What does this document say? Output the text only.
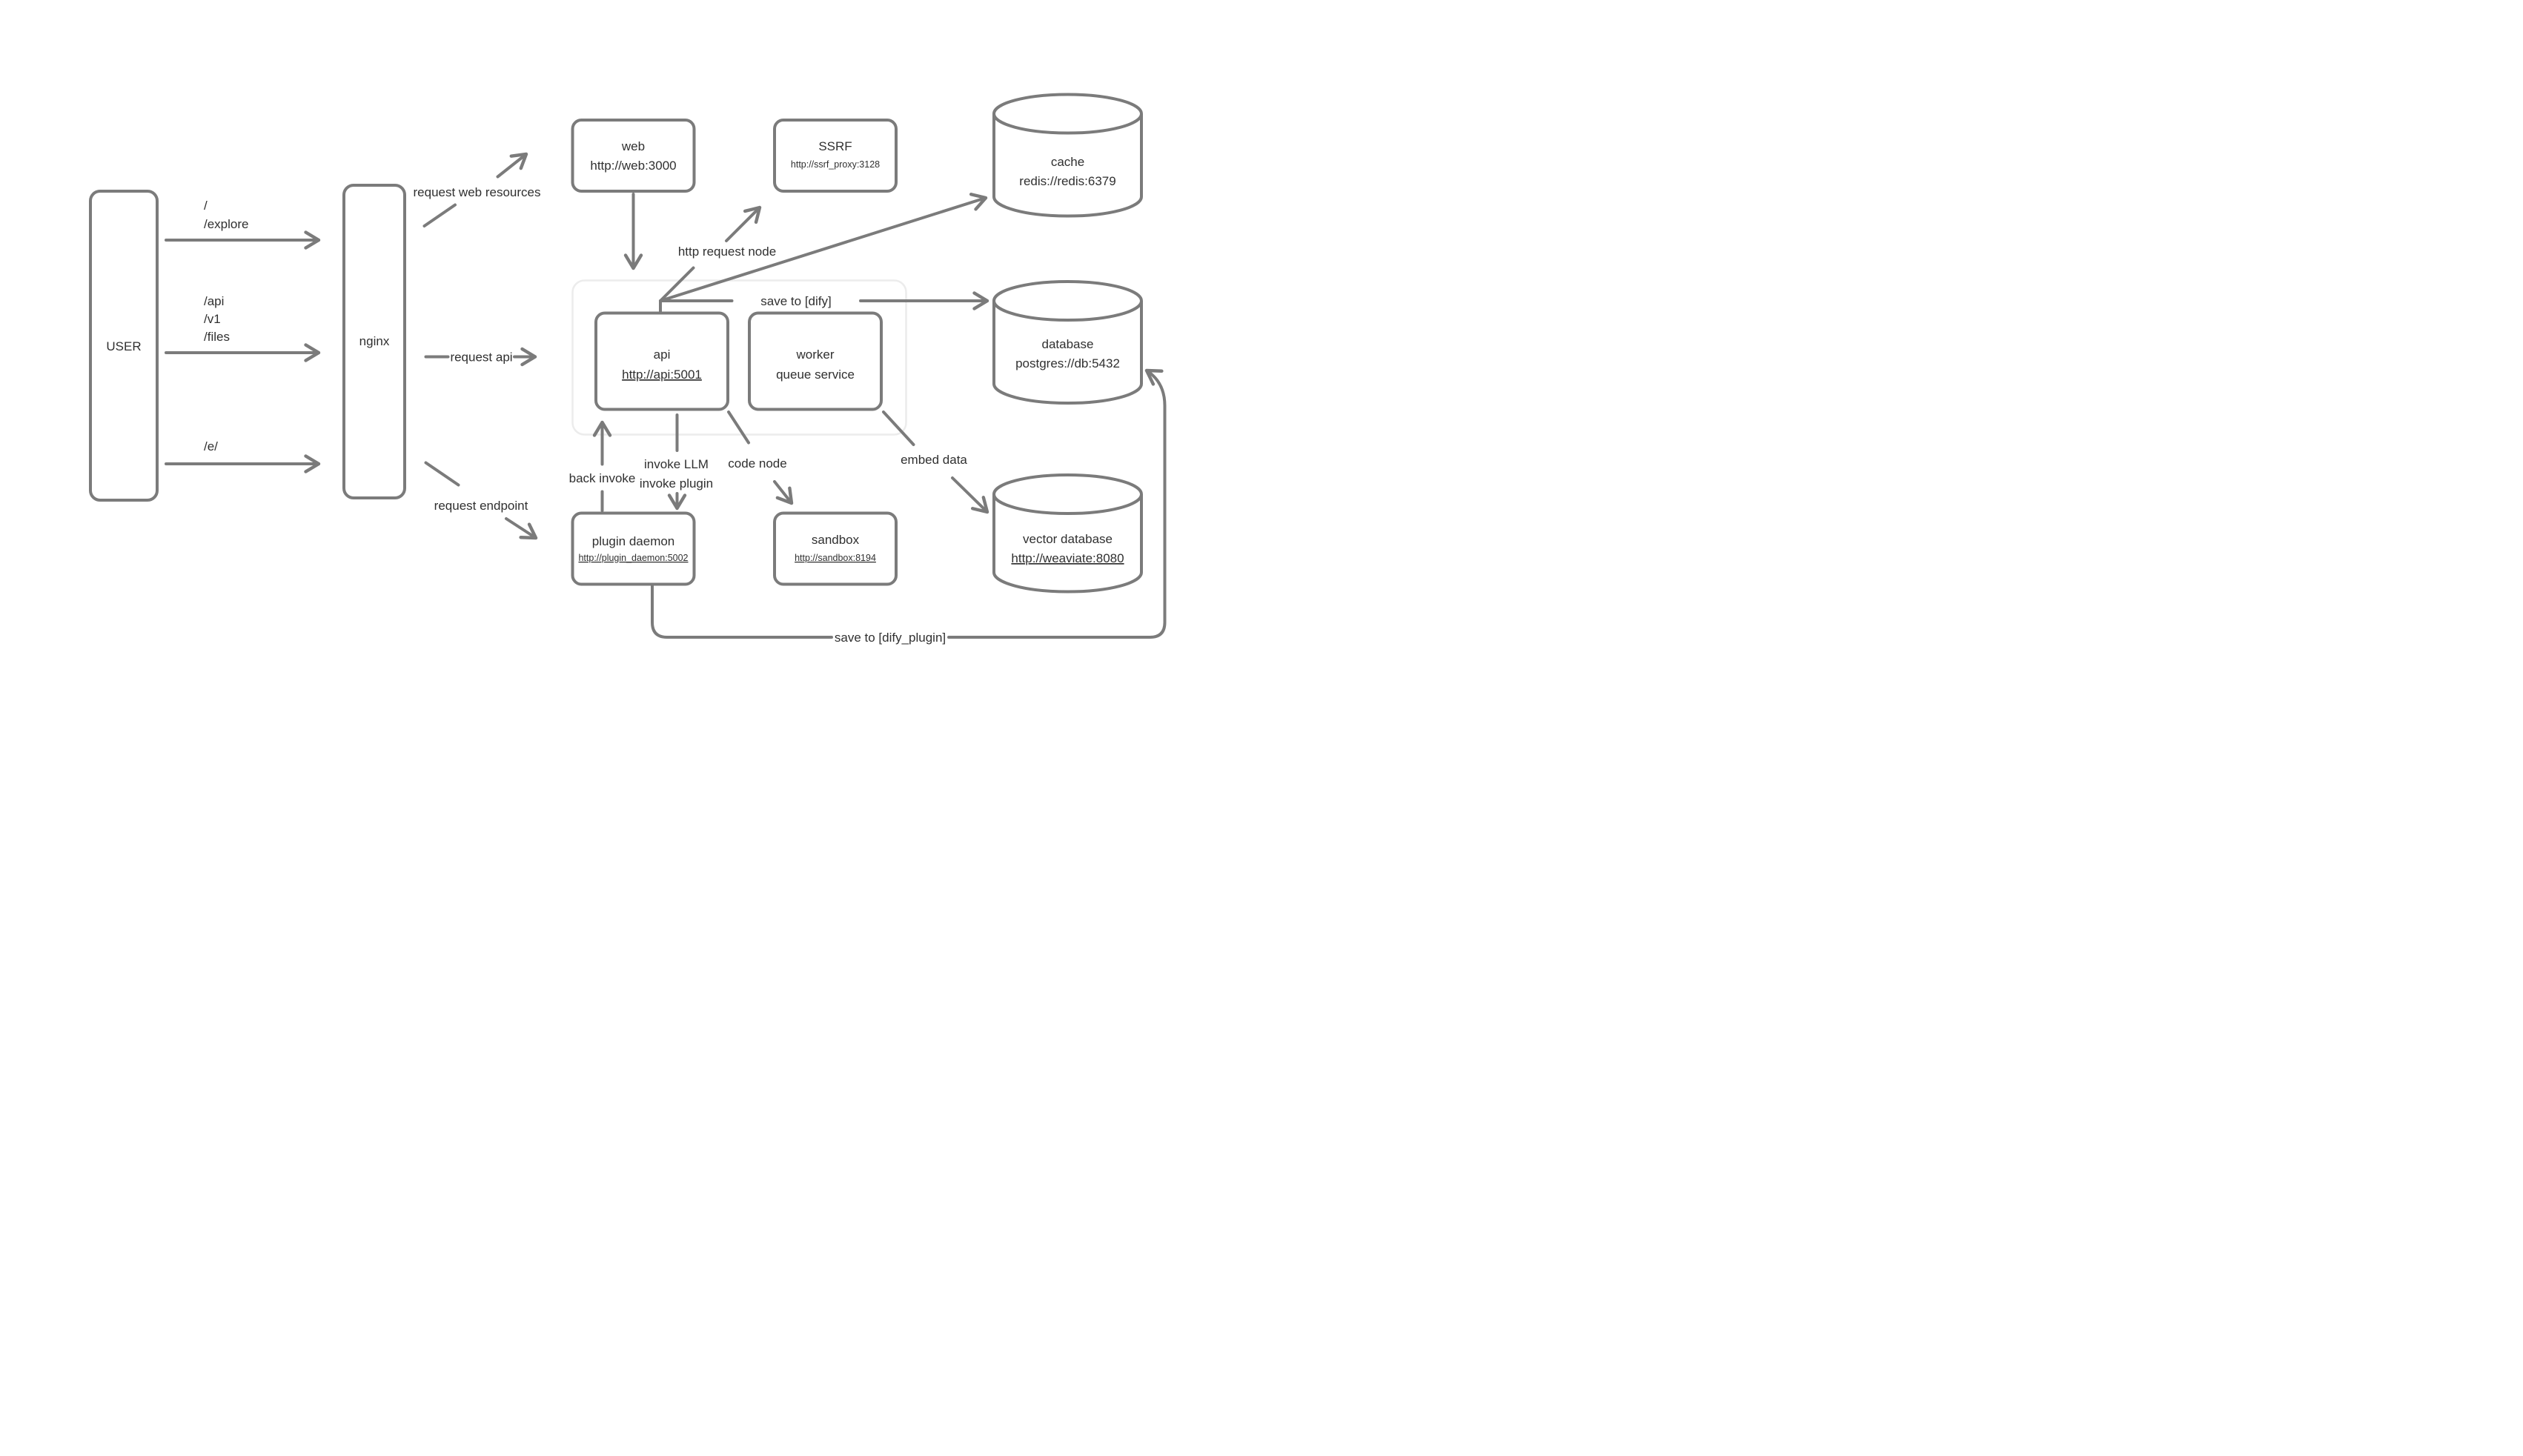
USER	nginx
web
http://web:3000
SSRF
http://ssrf_proxy:3128	cache
redis://redis:6379
database
postgres://db:5432
api
http://api:5001
worker
queue service
plugin daemon
http://plugin_daemon:5002
sandbox
http://sandbox:8194
vector database
http://weaviate:8080
/
/explore
/api
/v1
/files
/e/
request web resources
request api
request endpoint
http request node
save to [dify]
back invoke
invoke LLM
invoke plugin
code node	embed data
save to [dify_plugin]
